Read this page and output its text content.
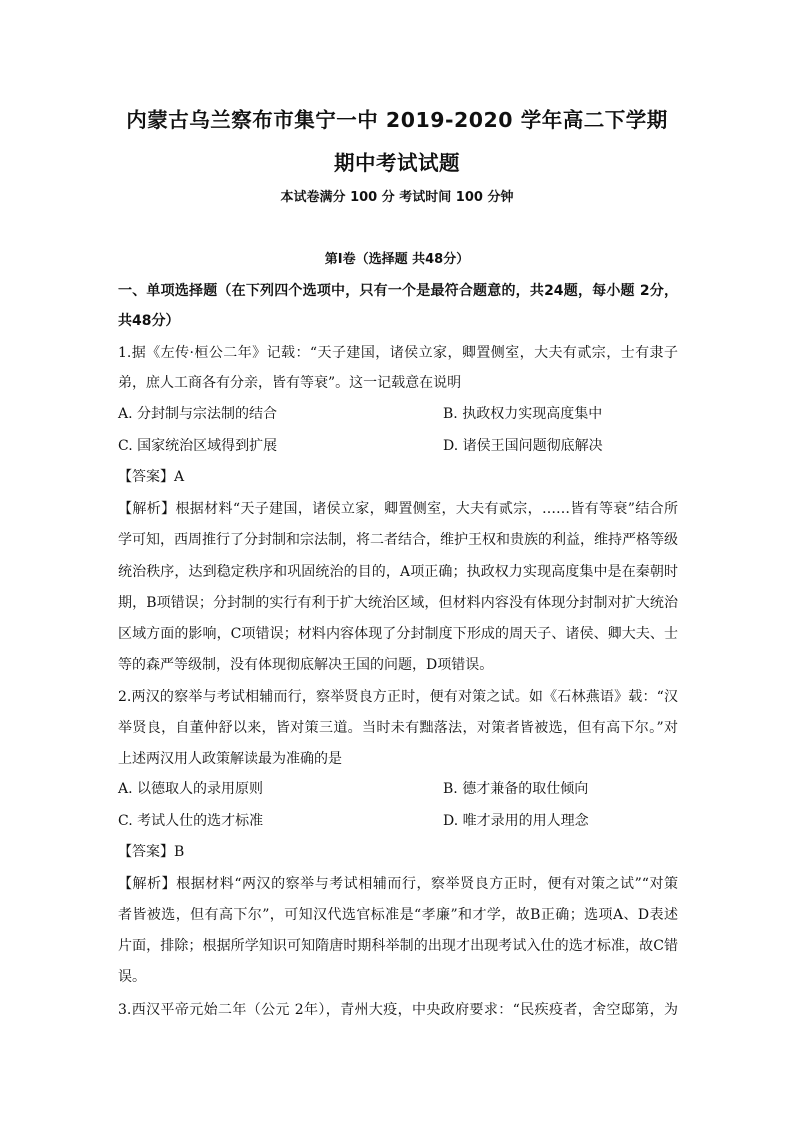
内蒙古乌兰察布市集宁一中 2019-2020 学年高二下学期
期中考试试题
本试卷满分 100 分 考试时间 100 分钟
第Ⅰ卷（选择题 共48分）
一、单项选择题（在下列四个选项中，只有一个是最符合题意的，共24题，每小题 2分，
共48分）
1.据《左传·桓公二年》记载：“天子建国，诸侯立家，卿置侧室，大夫有贰宗，士有隶子
弟，庶人工商各有分亲，皆有等衰”。这一记载意在说明
A. 分封制与宗法制的结合	B. 执政权力实现高度集中
C. 国家统治区域得到扩展	D. 诸侯王国问题彻底解决
【答案】A
【解析】根据材料“天子建国，诸侯立家，卿置侧室，大夫有贰宗，……皆有等衰”结合所
学可知，西周推行了分封制和宗法制，将二者结合，维护王权和贵族的利益，维持严格等级
统治秩序，达到稳定秩序和巩固统治的目的，A项正确；执政权力实现高度集中是在秦朝时
期，B项错误；分封制的实行有利于扩大统治区域，但材料内容没有体现分封制对扩大统治
区域方面的影响，C项错误；材料内容体现了分封制度下形成的周天子、诸侯、卿大夫、士
等的森严等级制，没有体现彻底解决王国的问题，D项错误。
2.两汉的察举与考试相辅而行，察举贤良方正时，便有对策之试。如《石林燕语》载：“汉
举贤良，自董仲舒以来，皆对策三道。当时未有黜落法，对策者皆被选，但有高下尔。”对
上述两汉用人政策解读最为准确的是
A. 以德取人的录用原则	B. 德才兼备的取仕倾向
C. 考试人仕的选才标准	D. 唯才录用的用人理念
【答案】B
【解析】根据材料“两汉的察举与考试相辅而行，察举贤良方正时，便有对策之试”“对策
者皆被选，但有高下尔”，可知汉代选官标准是“孝廉”和才学，故B正确；选项A、D表述
片面，排除；根据所学知识可知隋唐时期科举制的出现才出现考试入仕的选才标准，故C错
误。
3.西汉平帝元始二年（公元 2年），青州大疫，中央政府要求：“民疾疫者，舍空邸第，为
